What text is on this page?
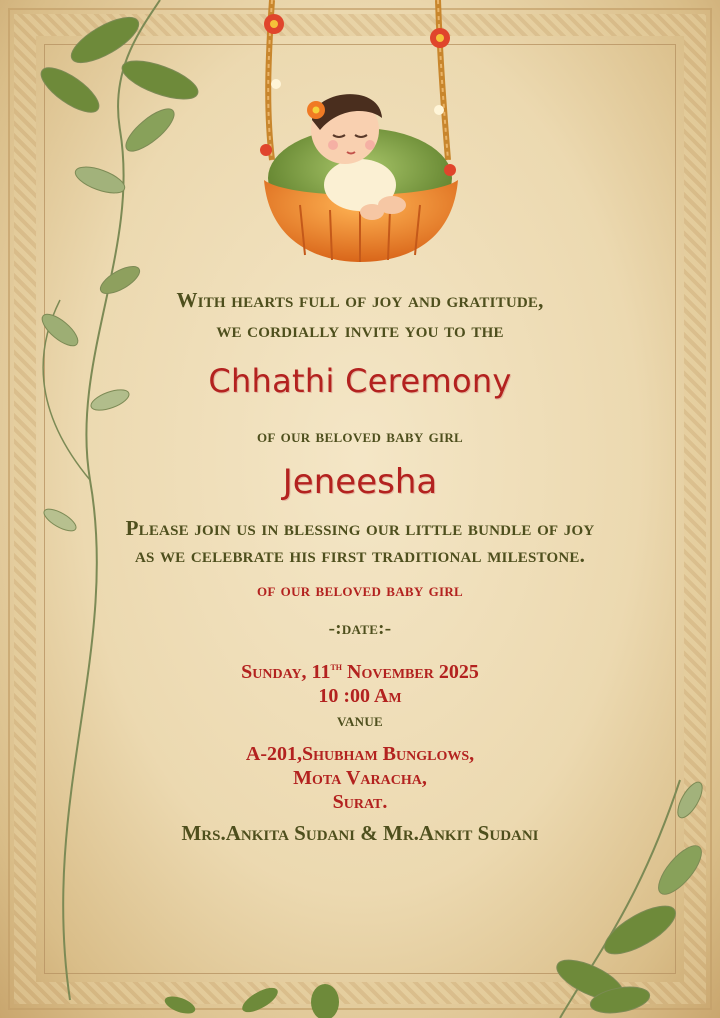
With hearts full of joy and gratitude,
we cordially invite you to the
Chhathi Ceremony
of our beloved baby girl
Jeneesha
Please join us in blessing our little bundle of joy
as we celebrate his first traditional milestone.
of our beloved baby girl
-:date:-
Sunday, 11th November 2025
10 :00 Am
vanue
A-201,Shubham Bunglows,
Mota Varacha,
Surat.
Mrs.Ankita Sudani & Mr.Ankit Sudani
